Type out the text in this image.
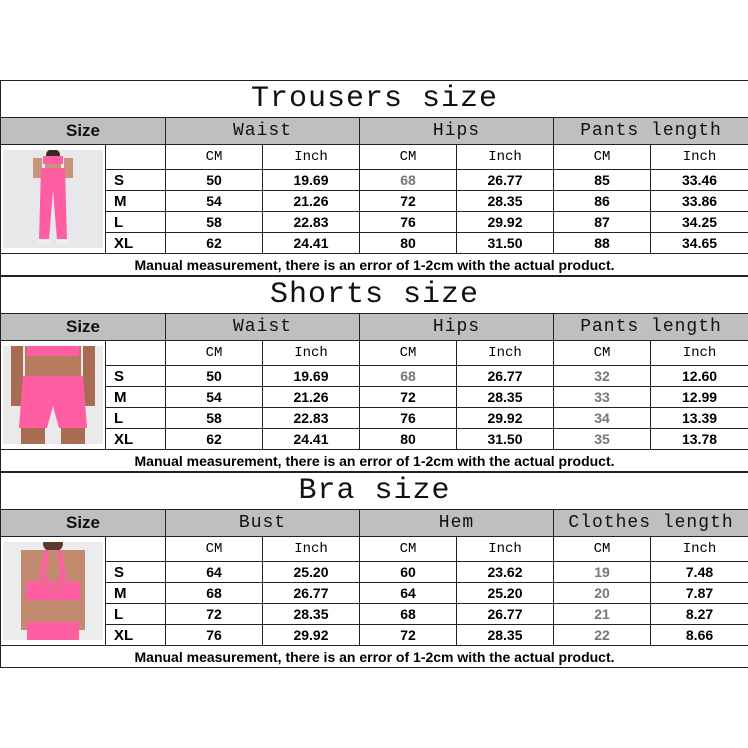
Trousers size							
Size		Waist		Hips		Pants length	

		CM	Inch	CM	Inch	CM	Inch
	S	50	19.69	68	26.77	85	33.46
	M	54	21.26	72	28.35	86	33.86
	L	58	22.83	76	29.92	87	34.25
	XL	62	24.41	80	31.50	88	34.65
Manual measurement, there is an error of 1-2cm with the actual product.							
Shorts size							
Size		Waist		Hips		Pants length	

		CM	Inch	CM	Inch	CM	Inch
	S	50	19.69	68	26.77	32	12.60
	M	54	21.26	72	28.35	33	12.99
	L	58	22.83	76	29.92	34	13.39
	XL	62	24.41	80	31.50	35	13.78
Manual measurement, there is an error of 1-2cm with the actual product.							
Bra size							
Size		Bust		Hem		Clothes length	

		CM	Inch	CM	Inch	CM	Inch
	S	64	25.20	60	23.62	19	7.48
	M	68	26.77	64	25.20	20	7.87
	L	72	28.35	68	26.77	21	8.27
	XL	76	29.92	72	28.35	22	8.66
Manual measurement, there is an error of 1-2cm with the actual product.							
